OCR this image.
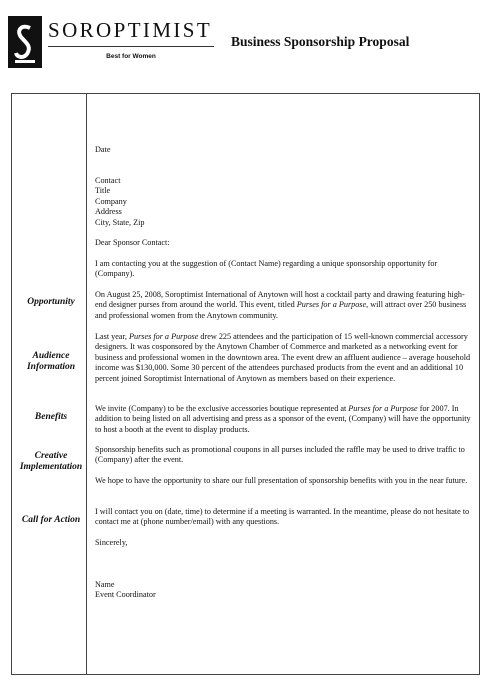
SOROPTIMIST
Best for Women
Business Sponsorship Proposal
Opportunity
Audience
Information
Benefits
Creative
Implementation
Call for Action

Date

Contact
Title
Company
Address
City, State, Zip

Dear Sponsor Contact:

I am contacting you at the suggestion of (Contact Name) regarding a unique sponsorship opportunity for (Company).

On August 25, 2008, Soroptimist International of Anytown will host a cocktail party and drawing featuring high-end designer purses from around the world. This event, titled Purses for a Purpose, will attract over 250 business and professional women from the Anytown community.

Last year, Purses for a Purpose drew 225 attendees and the participation of 15 well-known commercial accessory designers. It was cosponsored by the Anytown Chamber of Commerce and marketed as a networking event for business and professional women in the downtown area. The event drew an affluent audience – average household income was $130,000. Some 30 percent of the attendees purchased products from the event and an additional 10 percent joined Soroptimist International of Anytown as members based on their experience.

We invite (Company) to be the exclusive accessories boutique represented at Purses for a Purpose for 2007. In addition to being listed on all advertising and press as a sponsor of the event, (Company) will have the opportunity to host a booth at the event to display products.

Sponsorship benefits such as promotional coupons in all purses included the raffle may be used to drive traffic to (Company) after the event.

We hope to have the opportunity to share our full presentation of sponsorship benefits with you in the near future.

I will contact you on (date, time) to determine if a meeting is warranted. In the meantime, please do not hesitate to contact me at (phone number/email) with any questions.

Sincerely,

Name
Event Coordinator
